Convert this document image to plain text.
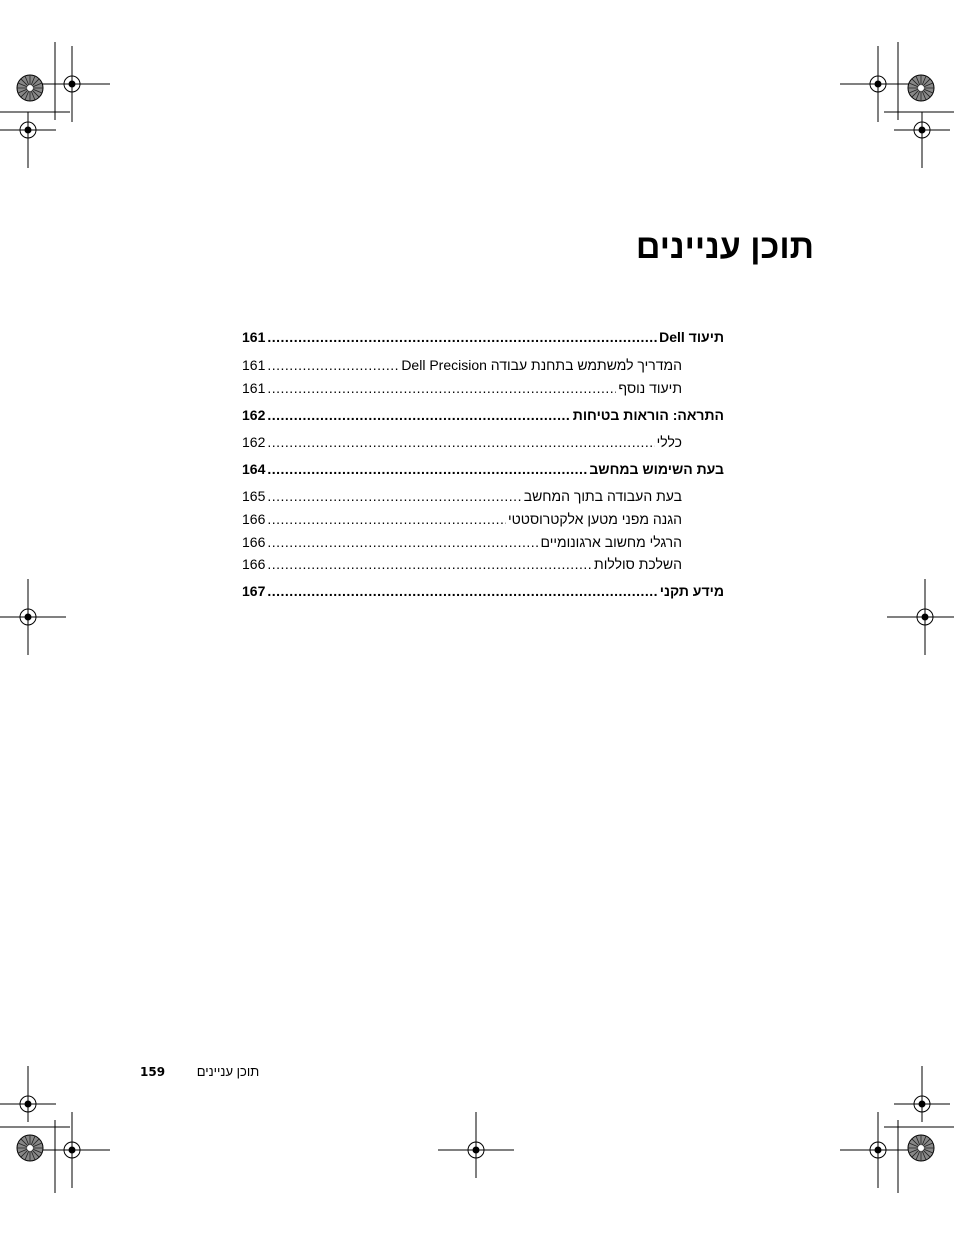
תוכן עניינים
תיעוד Dell
.....
161
המדריך למשתמש בתחנת עבודה Dell Precision
.....
161
תיעוד נוסף
.....
161
התראה: הוראות בטיחות
.....
162
כללי
.....
162
בעת השימוש במחשב
.....
164
בעת העבודה בתוך המחשב
.....
165
הגנה מפני מטען אלקטרוסטטי
.....
166
הרגלי מחשוב ארגונומיים
.....
166
השלכת סוללות
.....
166
מידע תקני
.....
167
159 תוכן עניינים
